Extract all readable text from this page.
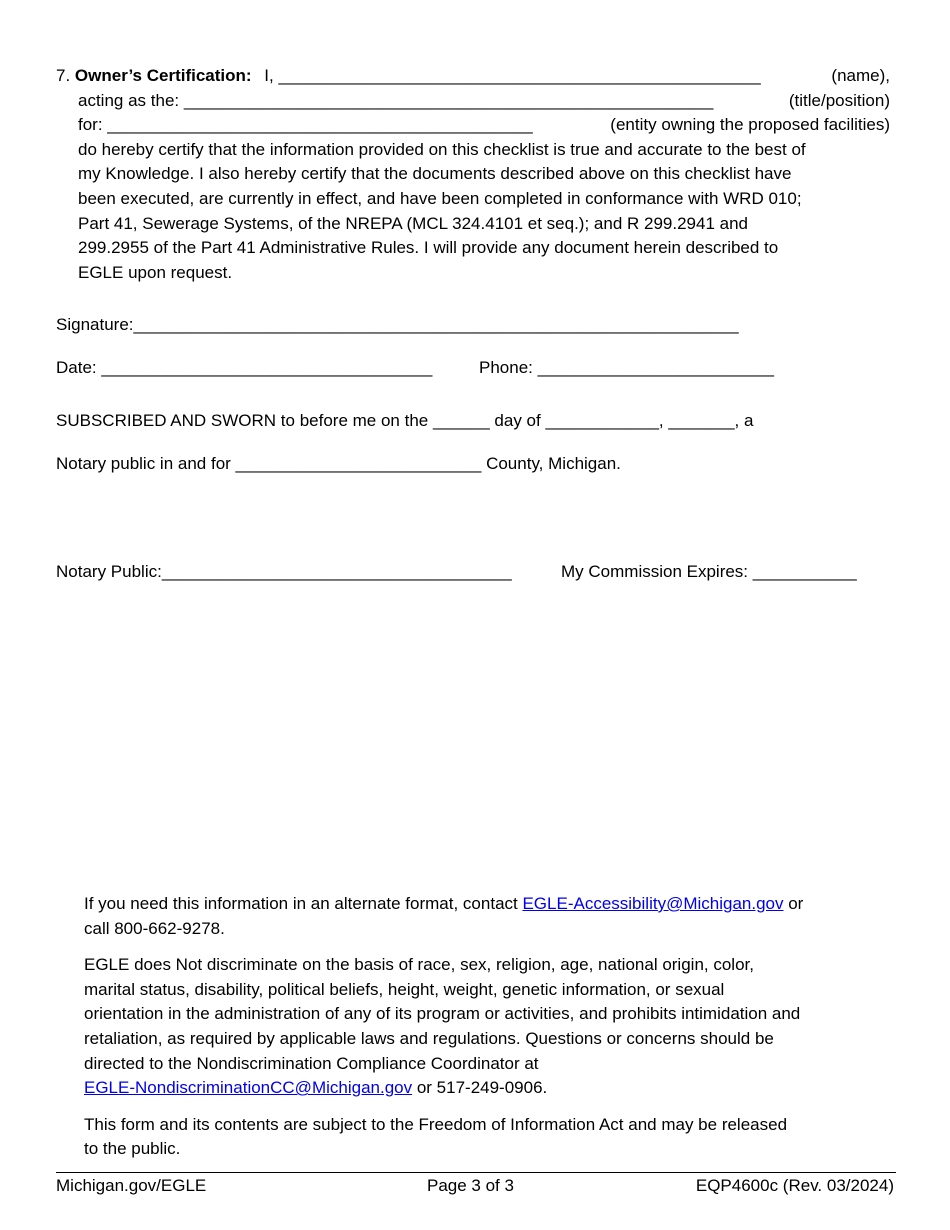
7. Owner’s Certification: I, ___________________________________________________	(name),
acting as the: ________________________________________________________	(title/position)
for: _____________________________________________	(entity owning the proposed facilities)
do hereby certify that the information provided on this checklist is true and accurate to the best of
my Knowledge. I also hereby certify that the documents described above on this checklist have
been executed, are currently in effect, and have been completed in conformance with WRD 010;
Part 41, Sewerage Systems, of the NREPA (MCL 324.4101 et seq.); and R 299.2941 and
299.2955 of the Part 41 Administrative Rules. I will provide any document herein described to
EGLE upon request.
Signature:________________________________________________________________
Date: ___________________________________	Phone: _________________________
SUBSCRIBED AND SWORN to before me on the ______ day of ____________, _______, a
Notary public in and for __________________________ County, Michigan.
Notary Public:_____________________________________	My Commission Expires: ___________

If you need this information in an alternate format, contact EGLE-Accessibility@Michigan.gov or
call 800-662-9278.

EGLE does Not discriminate on the basis of race, sex, religion, age, national origin, color,
marital status, disability, political beliefs, height, weight, genetic information, or sexual
orientation in the administration of any of its program or activities, and prohibits intimidation and
retaliation, as required by applicable laws and regulations. Questions or concerns should be
directed to the Nondiscrimination Compliance Coordinator at
EGLE-NondiscriminationCC@Michigan.gov or 517-249-0906.

This form and its contents are subject to the Freedom of Information Act and may be released
to the public.

Michigan.gov/EGLE	Page 3 of 3	EQP4600c (Rev. 03/2024)
